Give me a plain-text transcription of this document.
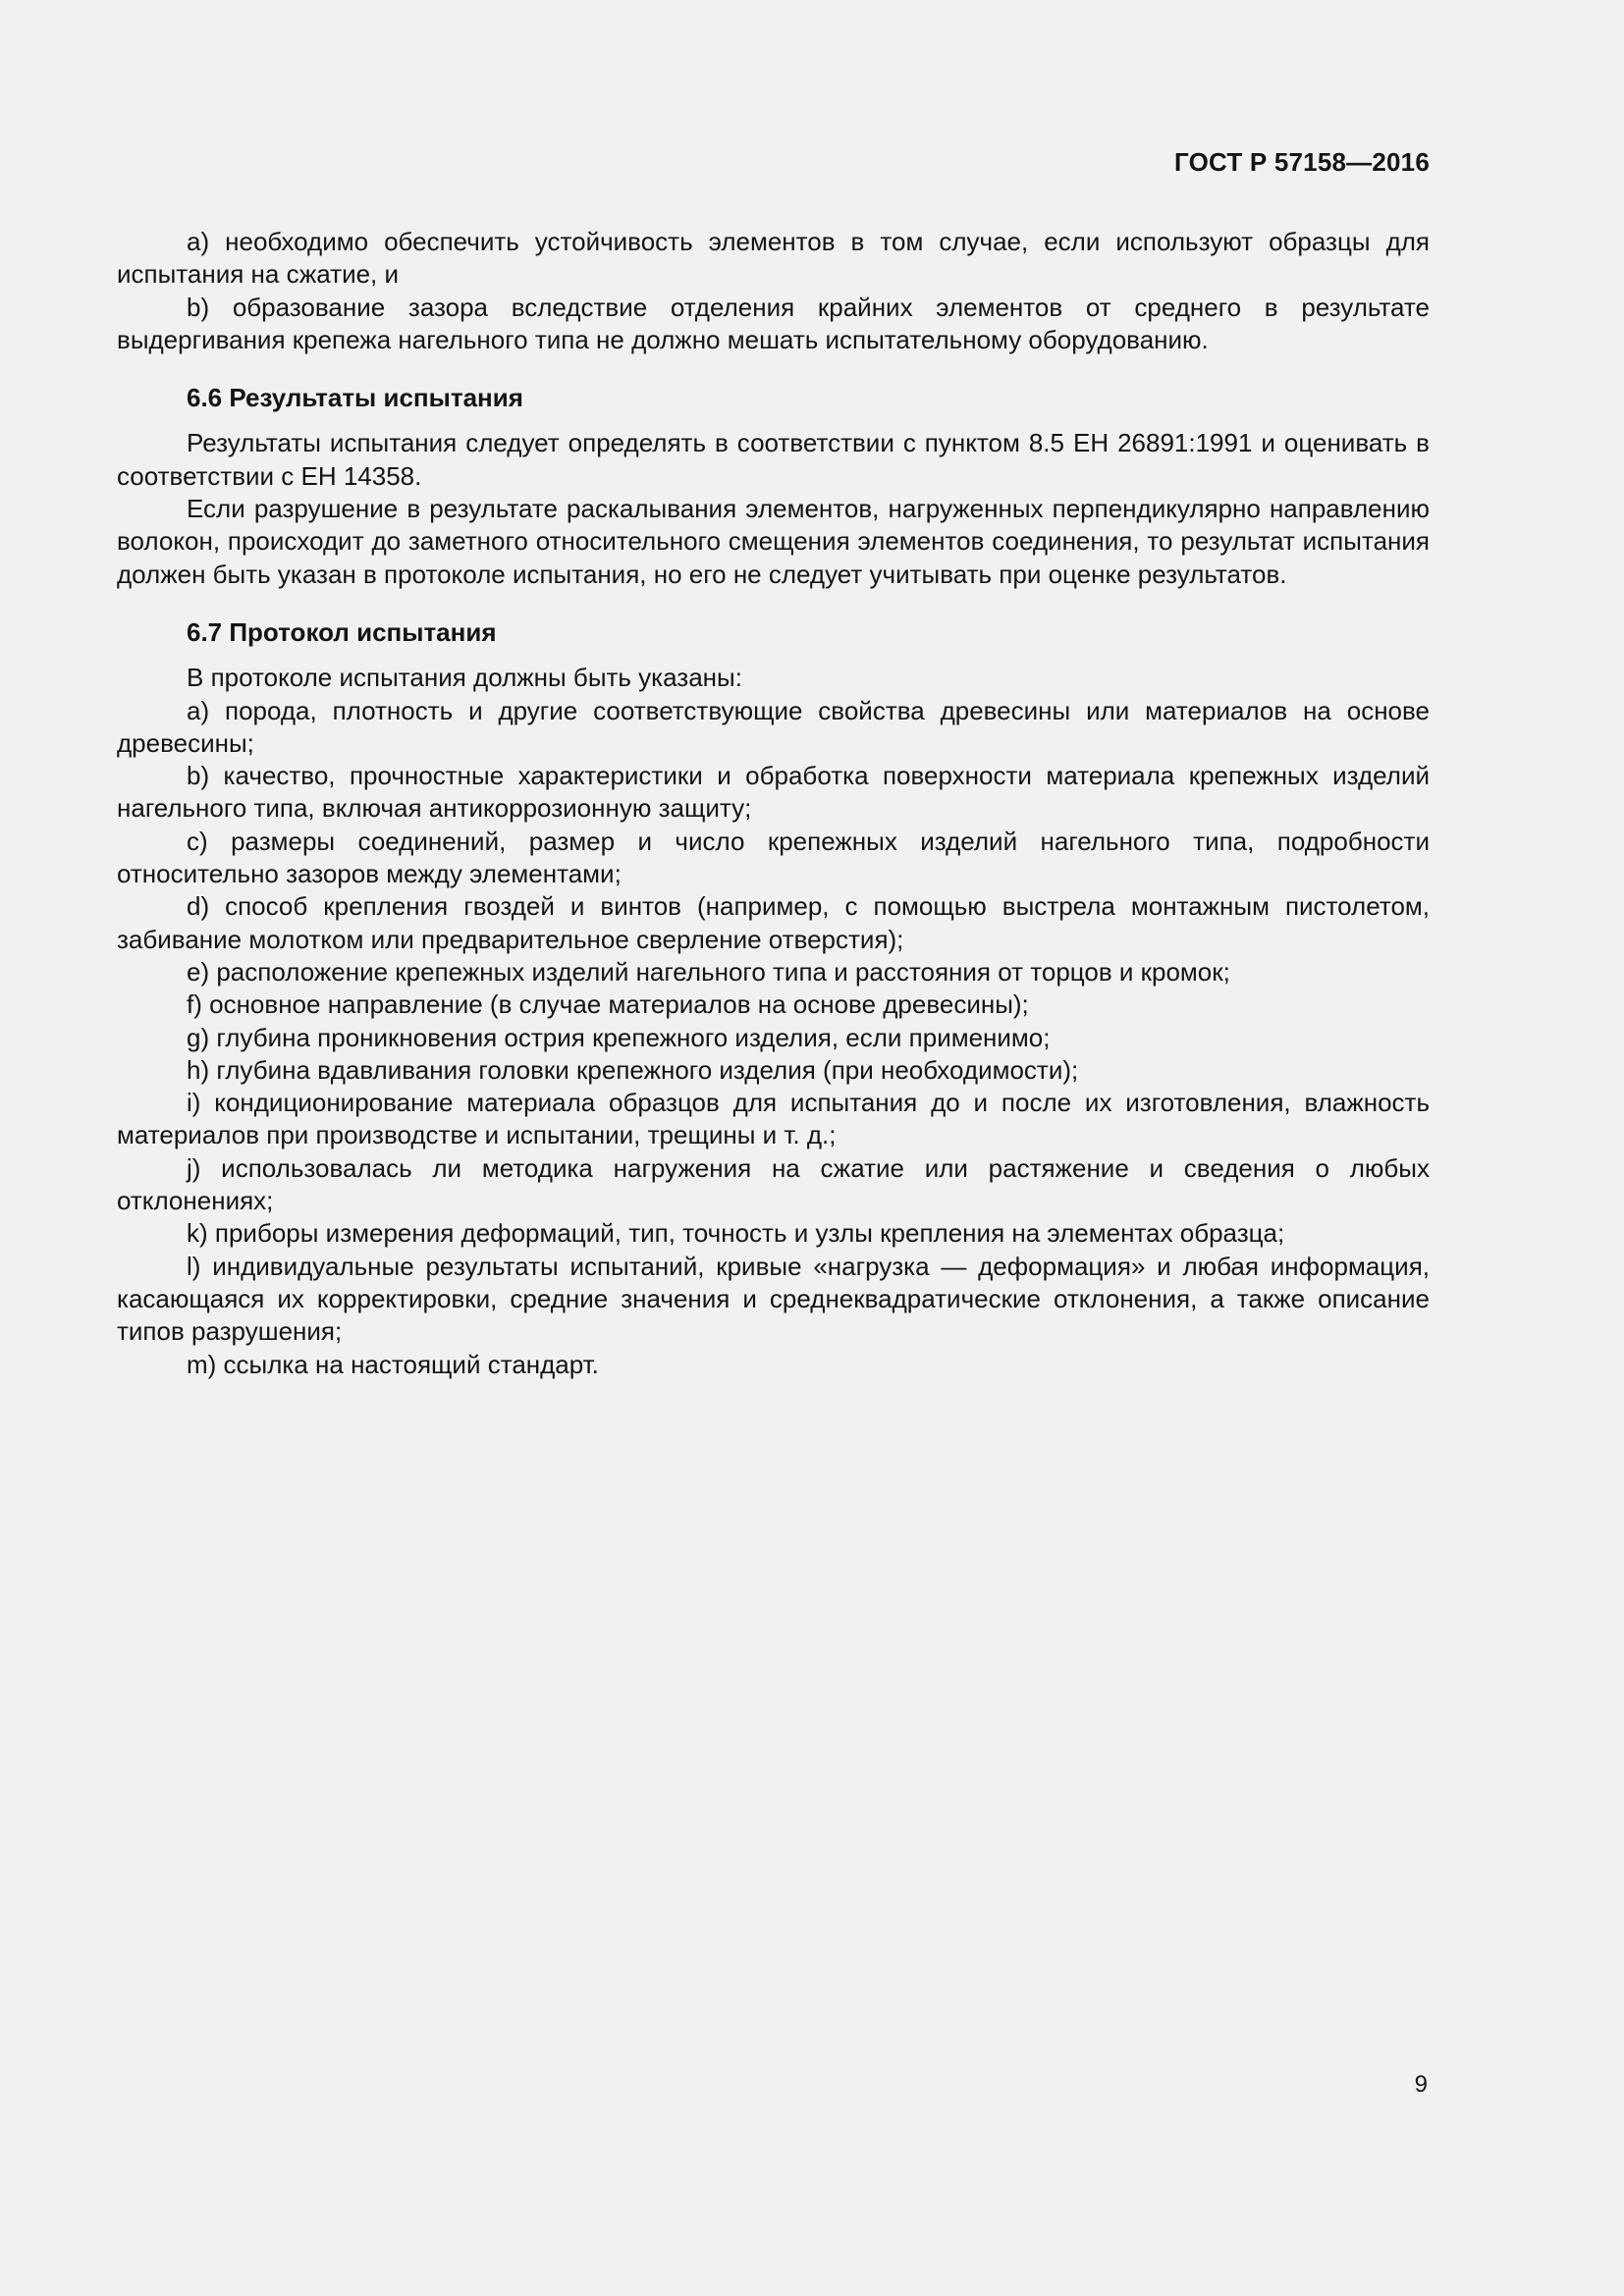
ГОСТ Р 57158—2016

а) необходимо обеспечить устойчивость элементов в том случае, если используют образцы для испытания на сжатие, и

b) образование зазора вследствие отделения крайних элементов от среднего в результате выдергивания крепежа нагельного типа не должно мешать испытательному оборудованию.

6.6 Результаты испытания

Результаты испытания следует определять в соответствии с пунктом 8.5 ЕН 26891:1991 и оценивать в соответствии с ЕН 14358.

Если разрушение в результате раскалывания элементов, нагруженных перпендикулярно направлению волокон, происходит до заметного относительного смещения элементов соединения, то результат испытания должен быть указан в протоколе испытания, но его не следует учитывать при оценке результатов.

6.7 Протокол испытания

В протоколе испытания должны быть указаны:

а) порода, плотность и другие соответствующие свойства древесины или материалов на основе древесины;

b) качество, прочностные характеристики и обработка поверхности материала крепежных изделий нагельного типа, включая антикоррозионную защиту;

c) размеры соединений, размер и число крепежных изделий нагельного типа, подробности относительно зазоров между элементами;

d) способ крепления гвоздей и винтов (например, с помощью выстрела монтажным пистолетом, забивание молотком или предварительное сверление отверстия);

e) расположение крепежных изделий нагельного типа и расстояния от торцов и кромок;

f) основное направление (в случае материалов на основе древесины);

g) глубина проникновения острия крепежного изделия, если применимо;

h) глубина вдавливания головки крепежного изделия (при необходимости);

i) кондиционирование материала образцов для испытания до и после их изготовления, влажность материалов при производстве и испытании, трещины и т. д.;

j) использовалась ли методика нагружения на сжатие или растяжение и сведения о любых отклонениях;

k) приборы измерения деформаций, тип, точность и узлы крепления на элементах образца;

l) индивидуальные результаты испытаний, кривые «нагрузка — деформация» и любая информация, касающаяся их корректировки, средние значения и среднеквадратические отклонения, а также описание типов разрушения;

m) ссылка на настоящий стандарт.

9
